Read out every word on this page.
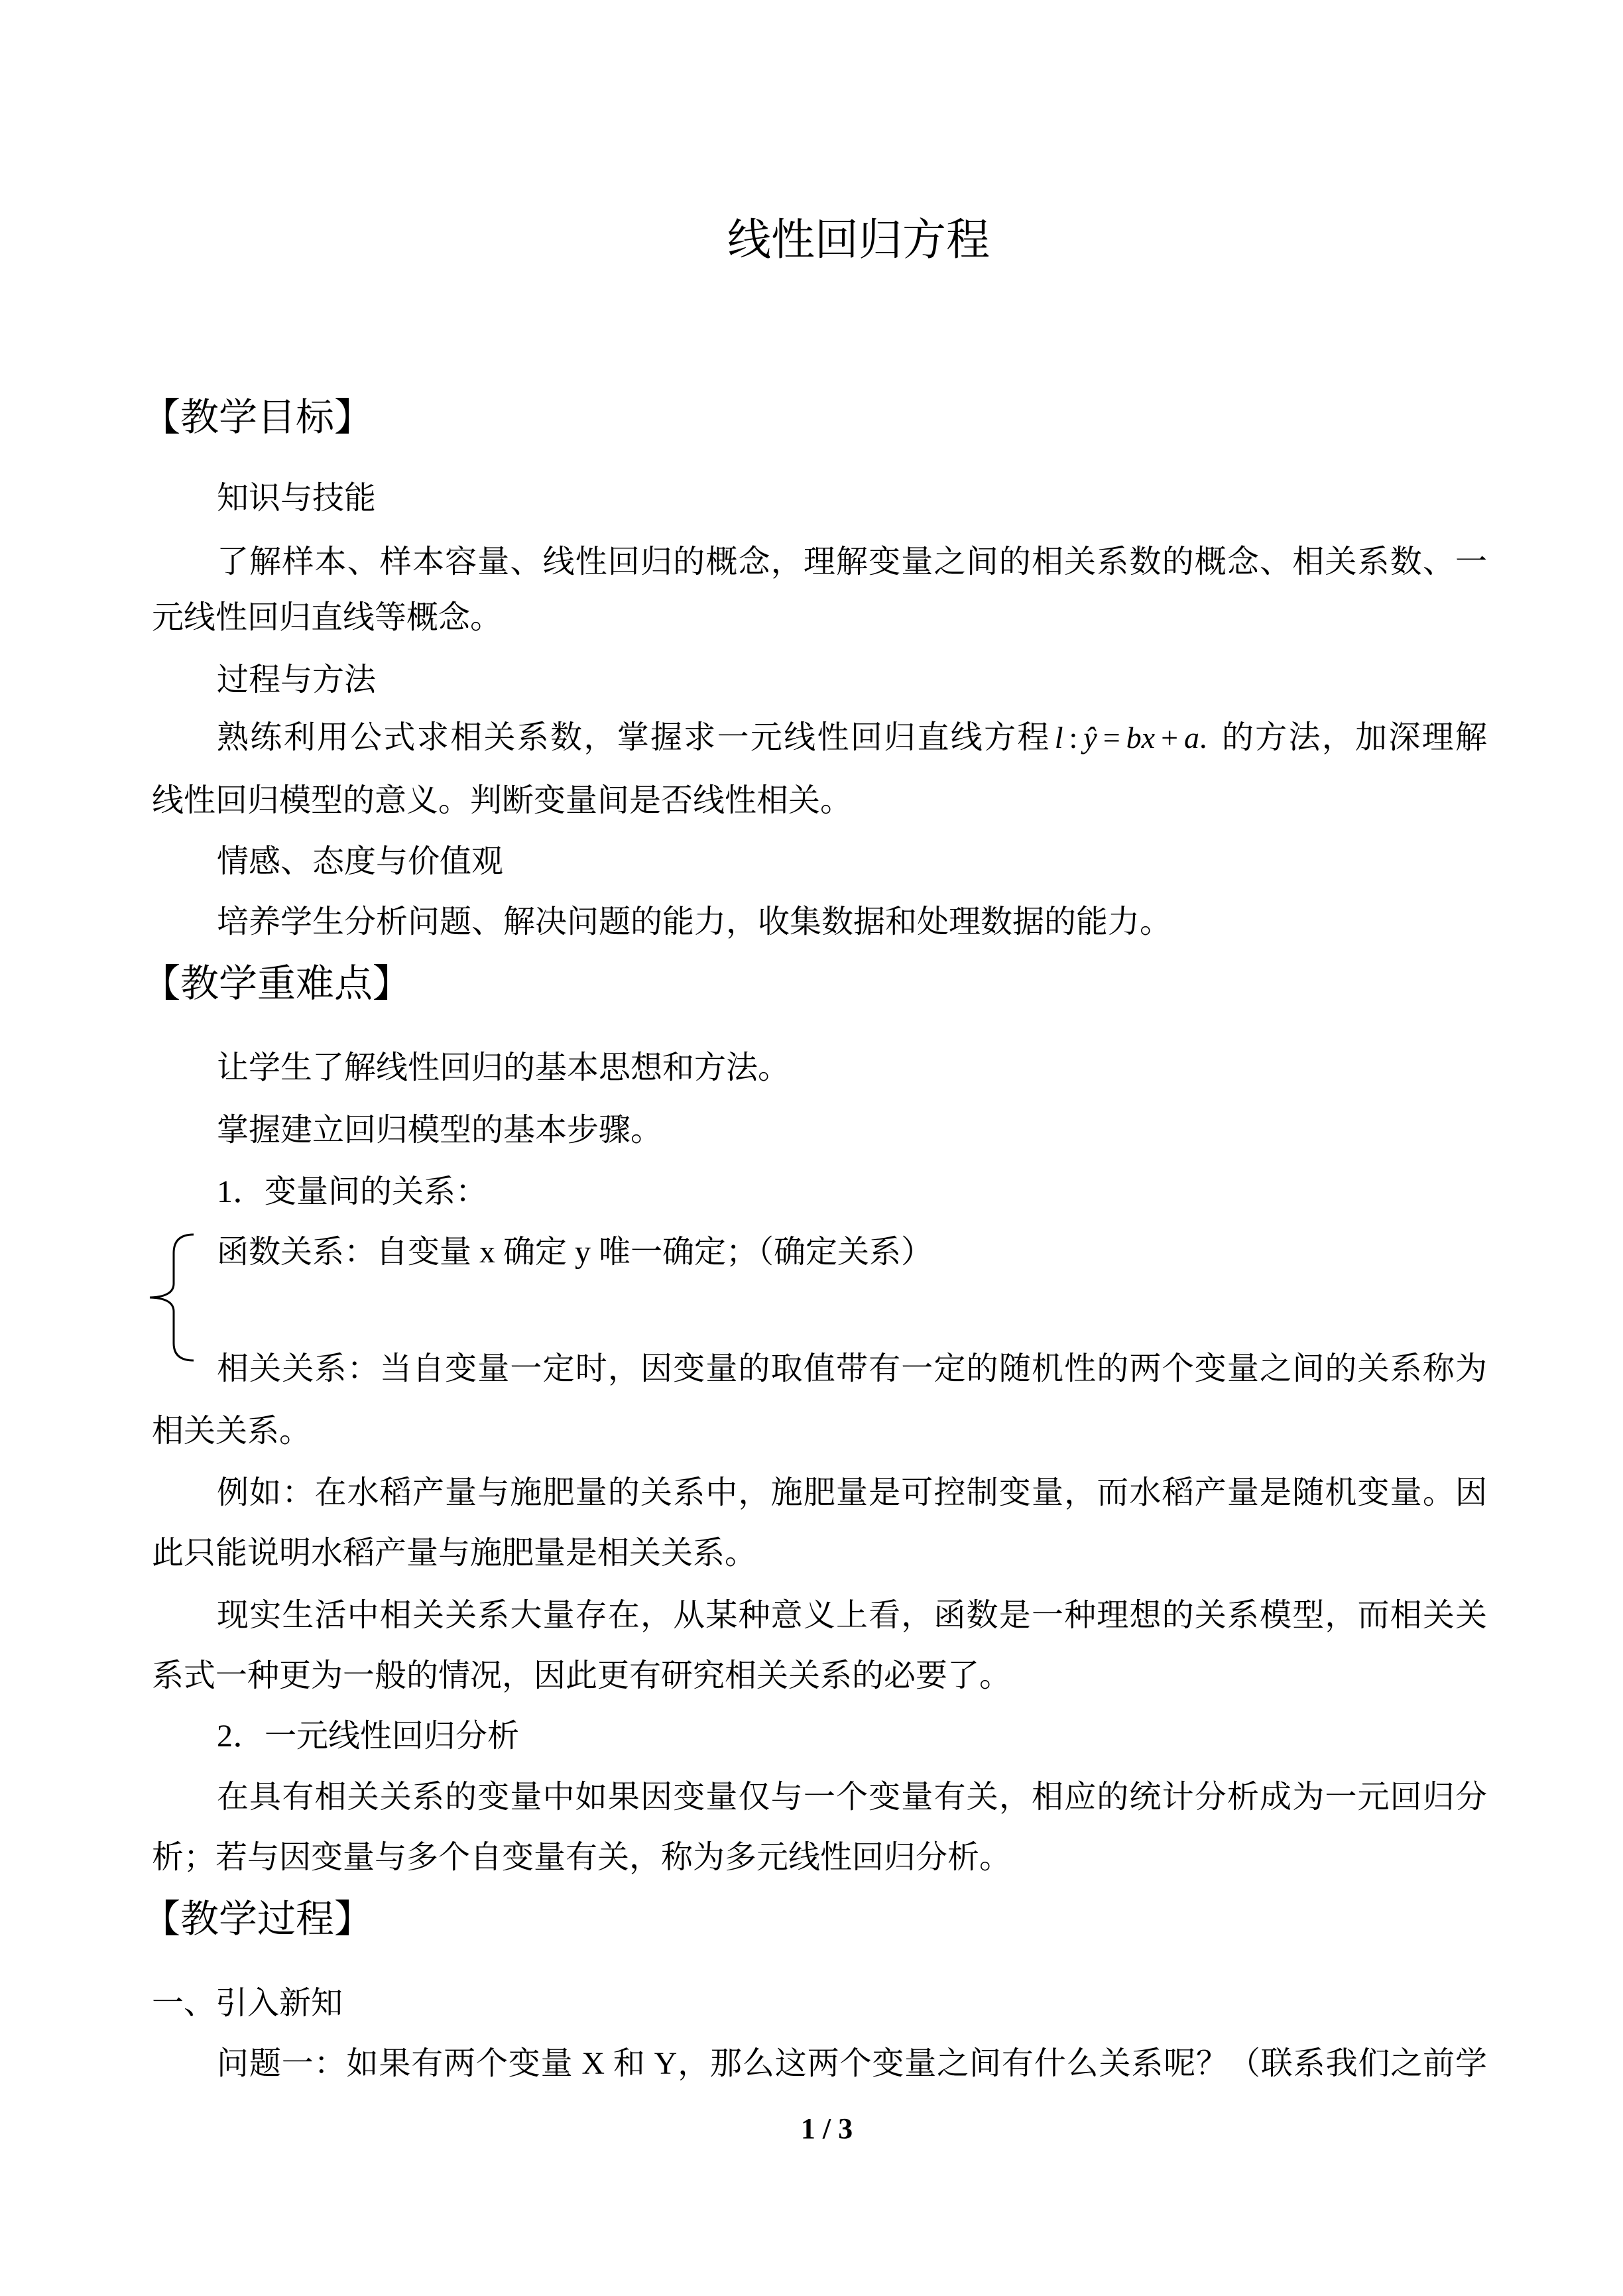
线性回归方程
【教学目标】
知识与技能
了解样本、样本容量、线性回归的概念，理解变量之间的相关系数的概念、相关系数、一
元线性回归直线等概念。
过程与方法
熟练利用公式求相关系数，掌握求一元线性回归直线方程 l : ŷ = bx + a. 的方法，加深理解
线性回归模型的意义。判断变量间是否线性相关。
情感、态度与价值观
培养学生分析问题、解决问题的能力，收集数据和处理数据的能力。
【教学重难点】
让学生了解线性回归的基本思想和方法。
掌握建立回归模型的基本步骤。
1．变量间的关系：
函数关系：自变量 x 确定 y 唯一确定；（确定关系）
相关关系：当自变量一定时，因变量的取值带有一定的随机性的两个变量之间的关系称为
相关关系。
例如：在水稻产量与施肥量的关系中，施肥量是可控制变量，而水稻产量是随机变量。因
此只能说明水稻产量与施肥量是相关关系。
现实生活中相关关系大量存在，从某种意义上看，函数是一种理想的关系模型，而相关关
系式一种更为一般的情况，因此更有研究相关关系的必要了。
2．一元线性回归分析
在具有相关关系的变量中如果因变量仅与一个变量有关，相应的统计分析成为一元回归分
析；若与因变量与多个自变量有关，称为多元线性回归分析。
【教学过程】
一、引入新知
问题一：如果有两个变量 X 和 Y，那么这两个变量之间有什么关系呢？（联系我们之前学
1 / 3
